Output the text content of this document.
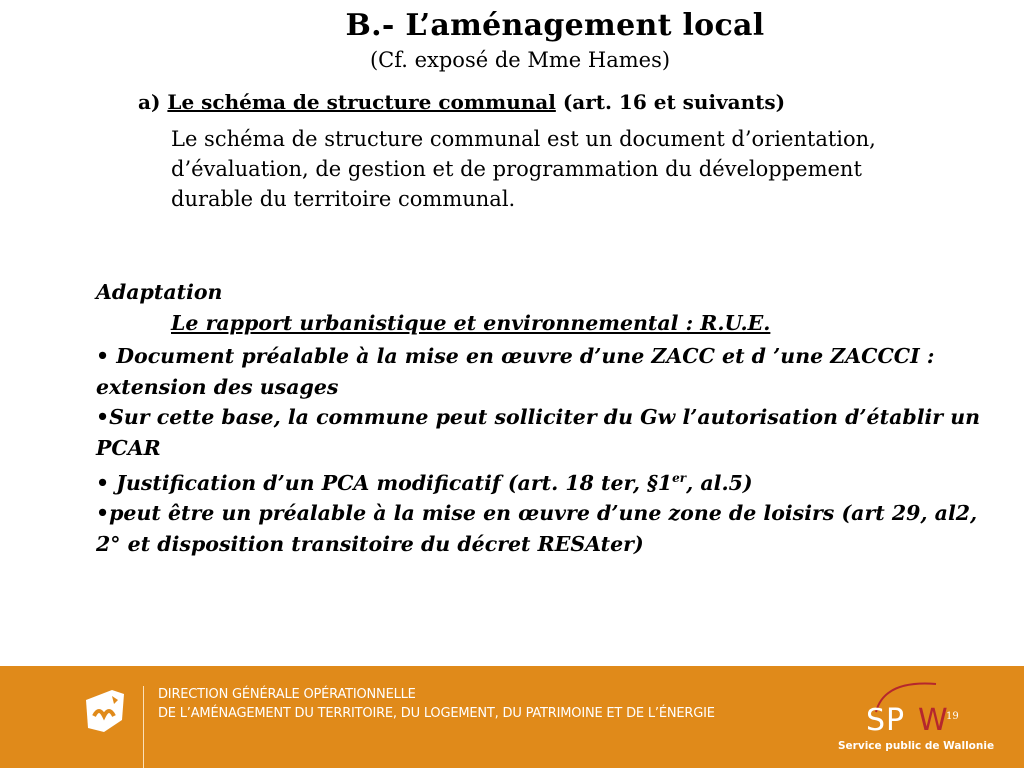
B.- L’aménagement local
(Cf. exposé de Mme Hames)
a) Le schéma de structure communal (art. 16 et suivants)
Le schéma de structure communal est un document d’orientation, d’évaluation, de gestion et de programmation du développement durable du territoire communal.
Adaptation
Le rapport urbanistique et environnemental : R.U.E.
• Document préalable à la mise en œuvre d’une ZACC et d ’une ZACCCI : extension des usages
•Sur cette base, la commune peut solliciter du Gw l’autorisation d’établir un PCAR
• Justification d’un PCA modificatif (art. 18 ter, §1er, al.5)
•peut être un préalable à la mise en œuvre d’une zone de loisirs (art 29, al2, 2° et disposition transitoire du décret RESAter)
DIRECTION GÉNÉRALE OPÉRATIONNELLE
DE L’AMÉNAGEMENT DU TERRITOIRE, DU LOGEMENT, DU PATRIMOINE ET DE L’ÉNERGIE	SP W
19
Service public de Wallonie
